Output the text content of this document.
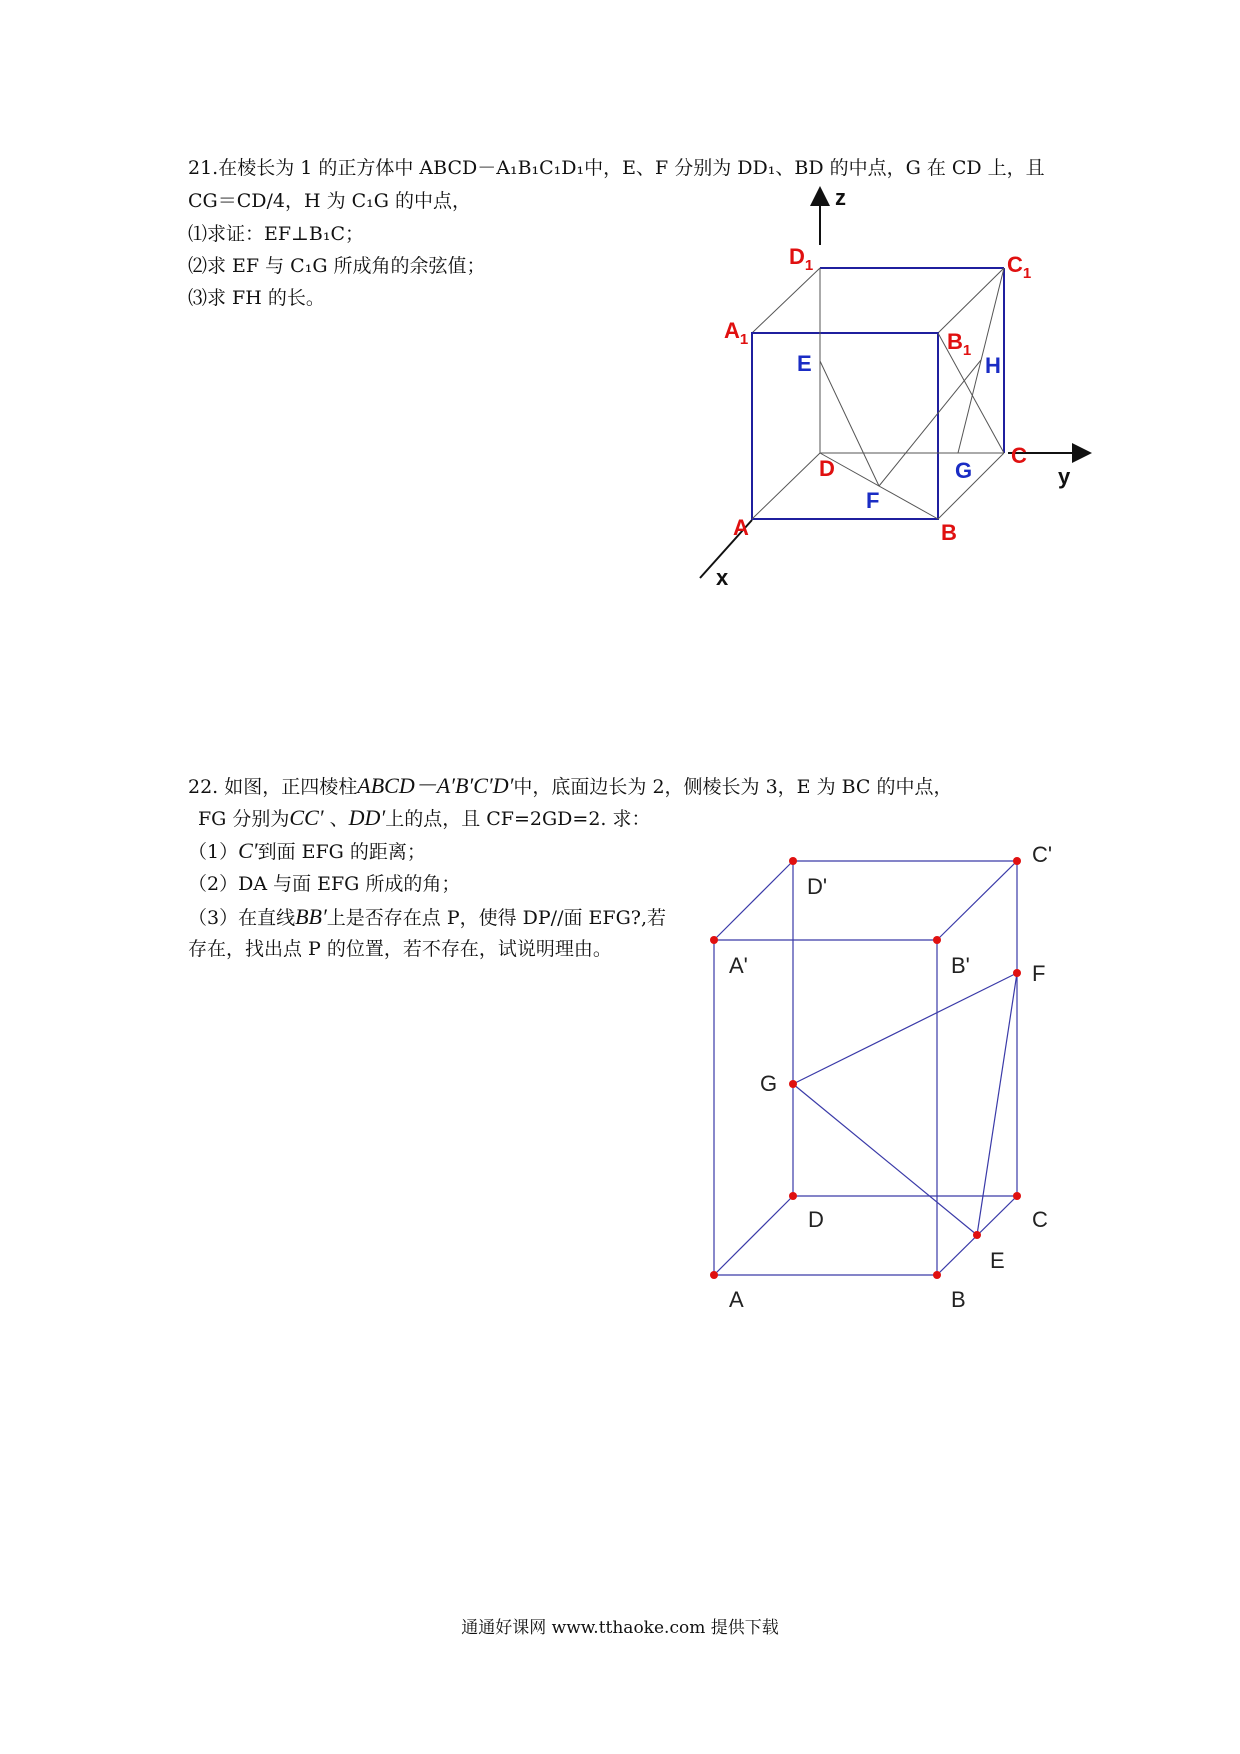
21.在棱长为 1 的正方体中 ABCD－A₁B₁C₁D₁中，E、F 分别为 DD₁、BD 的中点，G 在 CD 上，且
CG＝CD/4，H 为 C₁G 的中点，
⑴求证：EF⊥B₁C；
⑵求 EF 与 C₁G 所成角的余弦值；
⑶求 FH 的长。
22. 如图，正四棱柱ABCD－A′B′C′D′中，底面边长为 2，侧棱长为 3，E 为 BC 的中点，
FG 分别为CC′ 、DD′上的点，且 CF=2GD=2. 求：
（1）C′到面 EFG 的距离；
（2）DA 与面 EFG 所成的角；
（3）在直线BB′上是否存在点 P，使得 DP//面 EFG?,若
存在，找出点 P 的位置，若不存在，试说明理由。
z
y
x
$D_1$	$C_1$
$A_1$	$B_1$
A	B
C
D
E
F
G
H
C'
D'
A'	B'	F
G
D	C
E
A	B
通通好课网 www.tthaoke.com 提供下载
